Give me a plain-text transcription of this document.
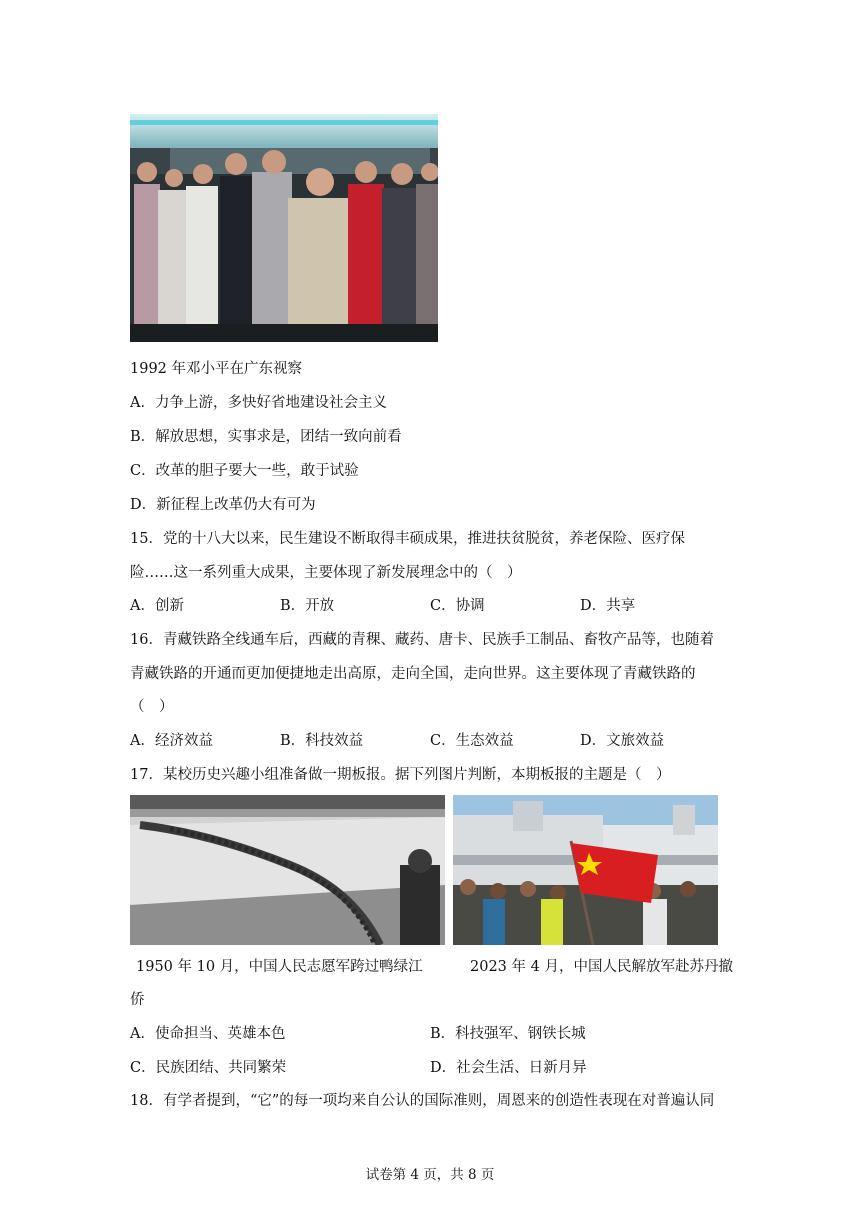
1992 年邓小平在广东视察
A．力争上游，多快好省地建设社会主义
B．解放思想，实事求是，团结一致向前看
C．改革的胆子要大一些，敢于试验
D．新征程上改革仍大有可为
15．党的十八大以来，民生建设不断取得丰硕成果，推进扶贫脱贫，养老保险、医疗保
险……这一系列重大成果，主要体现了新发展理念中的（　）
A．创新	B．开放	C．协调	D．共享
16．青藏铁路全线通车后，西藏的青稞、藏药、唐卡、民族手工制品、畜牧产品等，也随着
青藏铁路的开通而更加便捷地走出高原，走向全国，走向世界。这主要体现了青藏铁路的
（　）
A．经济效益	B．科技效益	C．生态效益	D．文旅效益
17．某校历史兴趣小组准备做一期板报。据下列图片判断，本期板报的主题是（　）
1950 年 10 月，中国人民志愿军跨过鸭绿江	2023 年 4 月，中国人民解放军赴苏丹撤
侨
A．使命担当、英雄本色	B．科技强军、钢铁长城
C．民族团结、共同繁荣	D．社会生活、日新月异
18．有学者提到，“它”的每一项均来自公认的国际准则，周恩来的创造性表现在对普遍认同
试卷第 4 页，共 8 页
